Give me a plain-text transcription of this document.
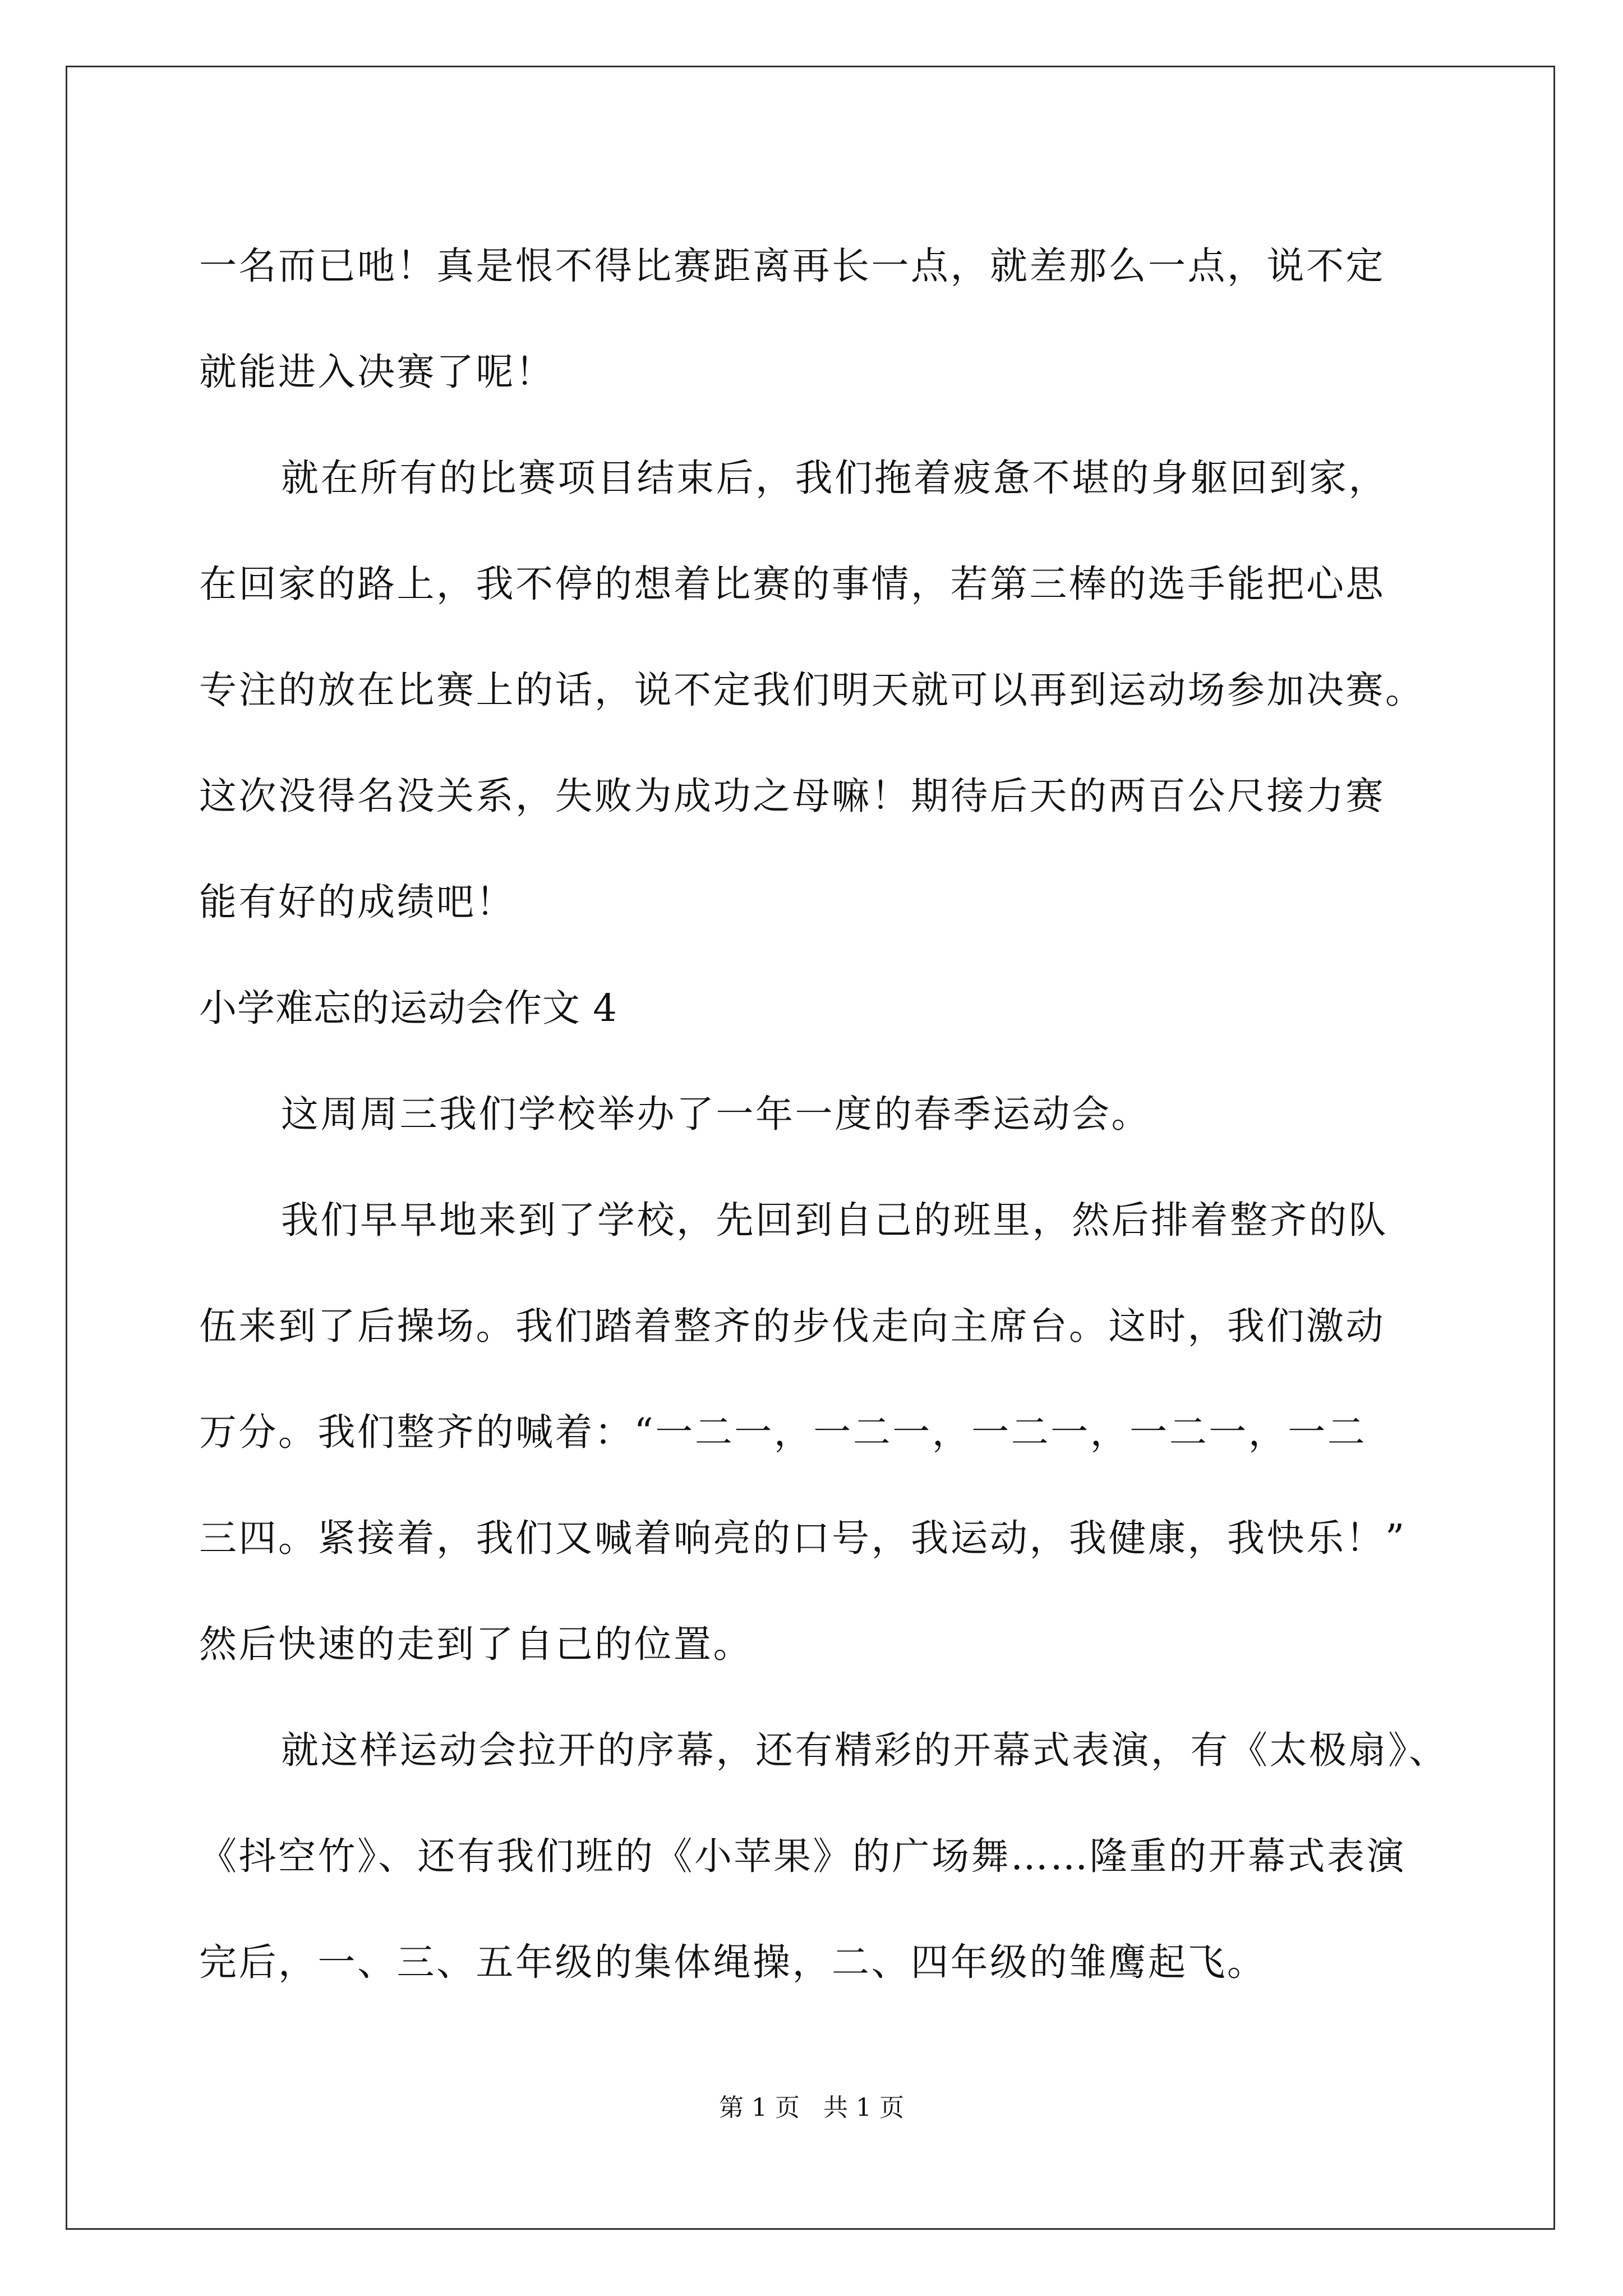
一名而已吔！真是恨不得比赛距离再长一点，就差那么一点，说不定
就能进入决赛了呢！
就在所有的比赛项目结束后，我们拖着疲惫不堪的身躯回到家，
在回家的路上，我不停的想着比赛的事情，若第三棒的选手能把心思
专注的放在比赛上的话，说不定我们明天就可以再到运动场参加决赛。
这次没得名没关系，失败为成功之母嘛！期待后天的两百公尺接力赛
能有好的成绩吧！
小学难忘的运动会作文 4
这周周三我们学校举办了一年一度的春季运动会。
我们早早地来到了学校，先回到自己的班里，然后排着整齐的队
伍来到了后操场。我们踏着整齐的步伐走向主席台。这时，我们激动
万分。我们整齐的喊着：“一二一，一二一，一二一，一二一，一二
三四。紧接着，我们又喊着响亮的口号，我运动，我健康，我快乐！”
然后快速的走到了自己的位置。
就这样运动会拉开的序幕，还有精彩的开幕式表演，有《太极扇》、
《抖空竹》、还有我们班的《小苹果》的广场舞……隆重的开幕式表演
完后，一、三、五年级的集体绳操，二、四年级的雏鹰起飞。
第 1 页   共 1 页
